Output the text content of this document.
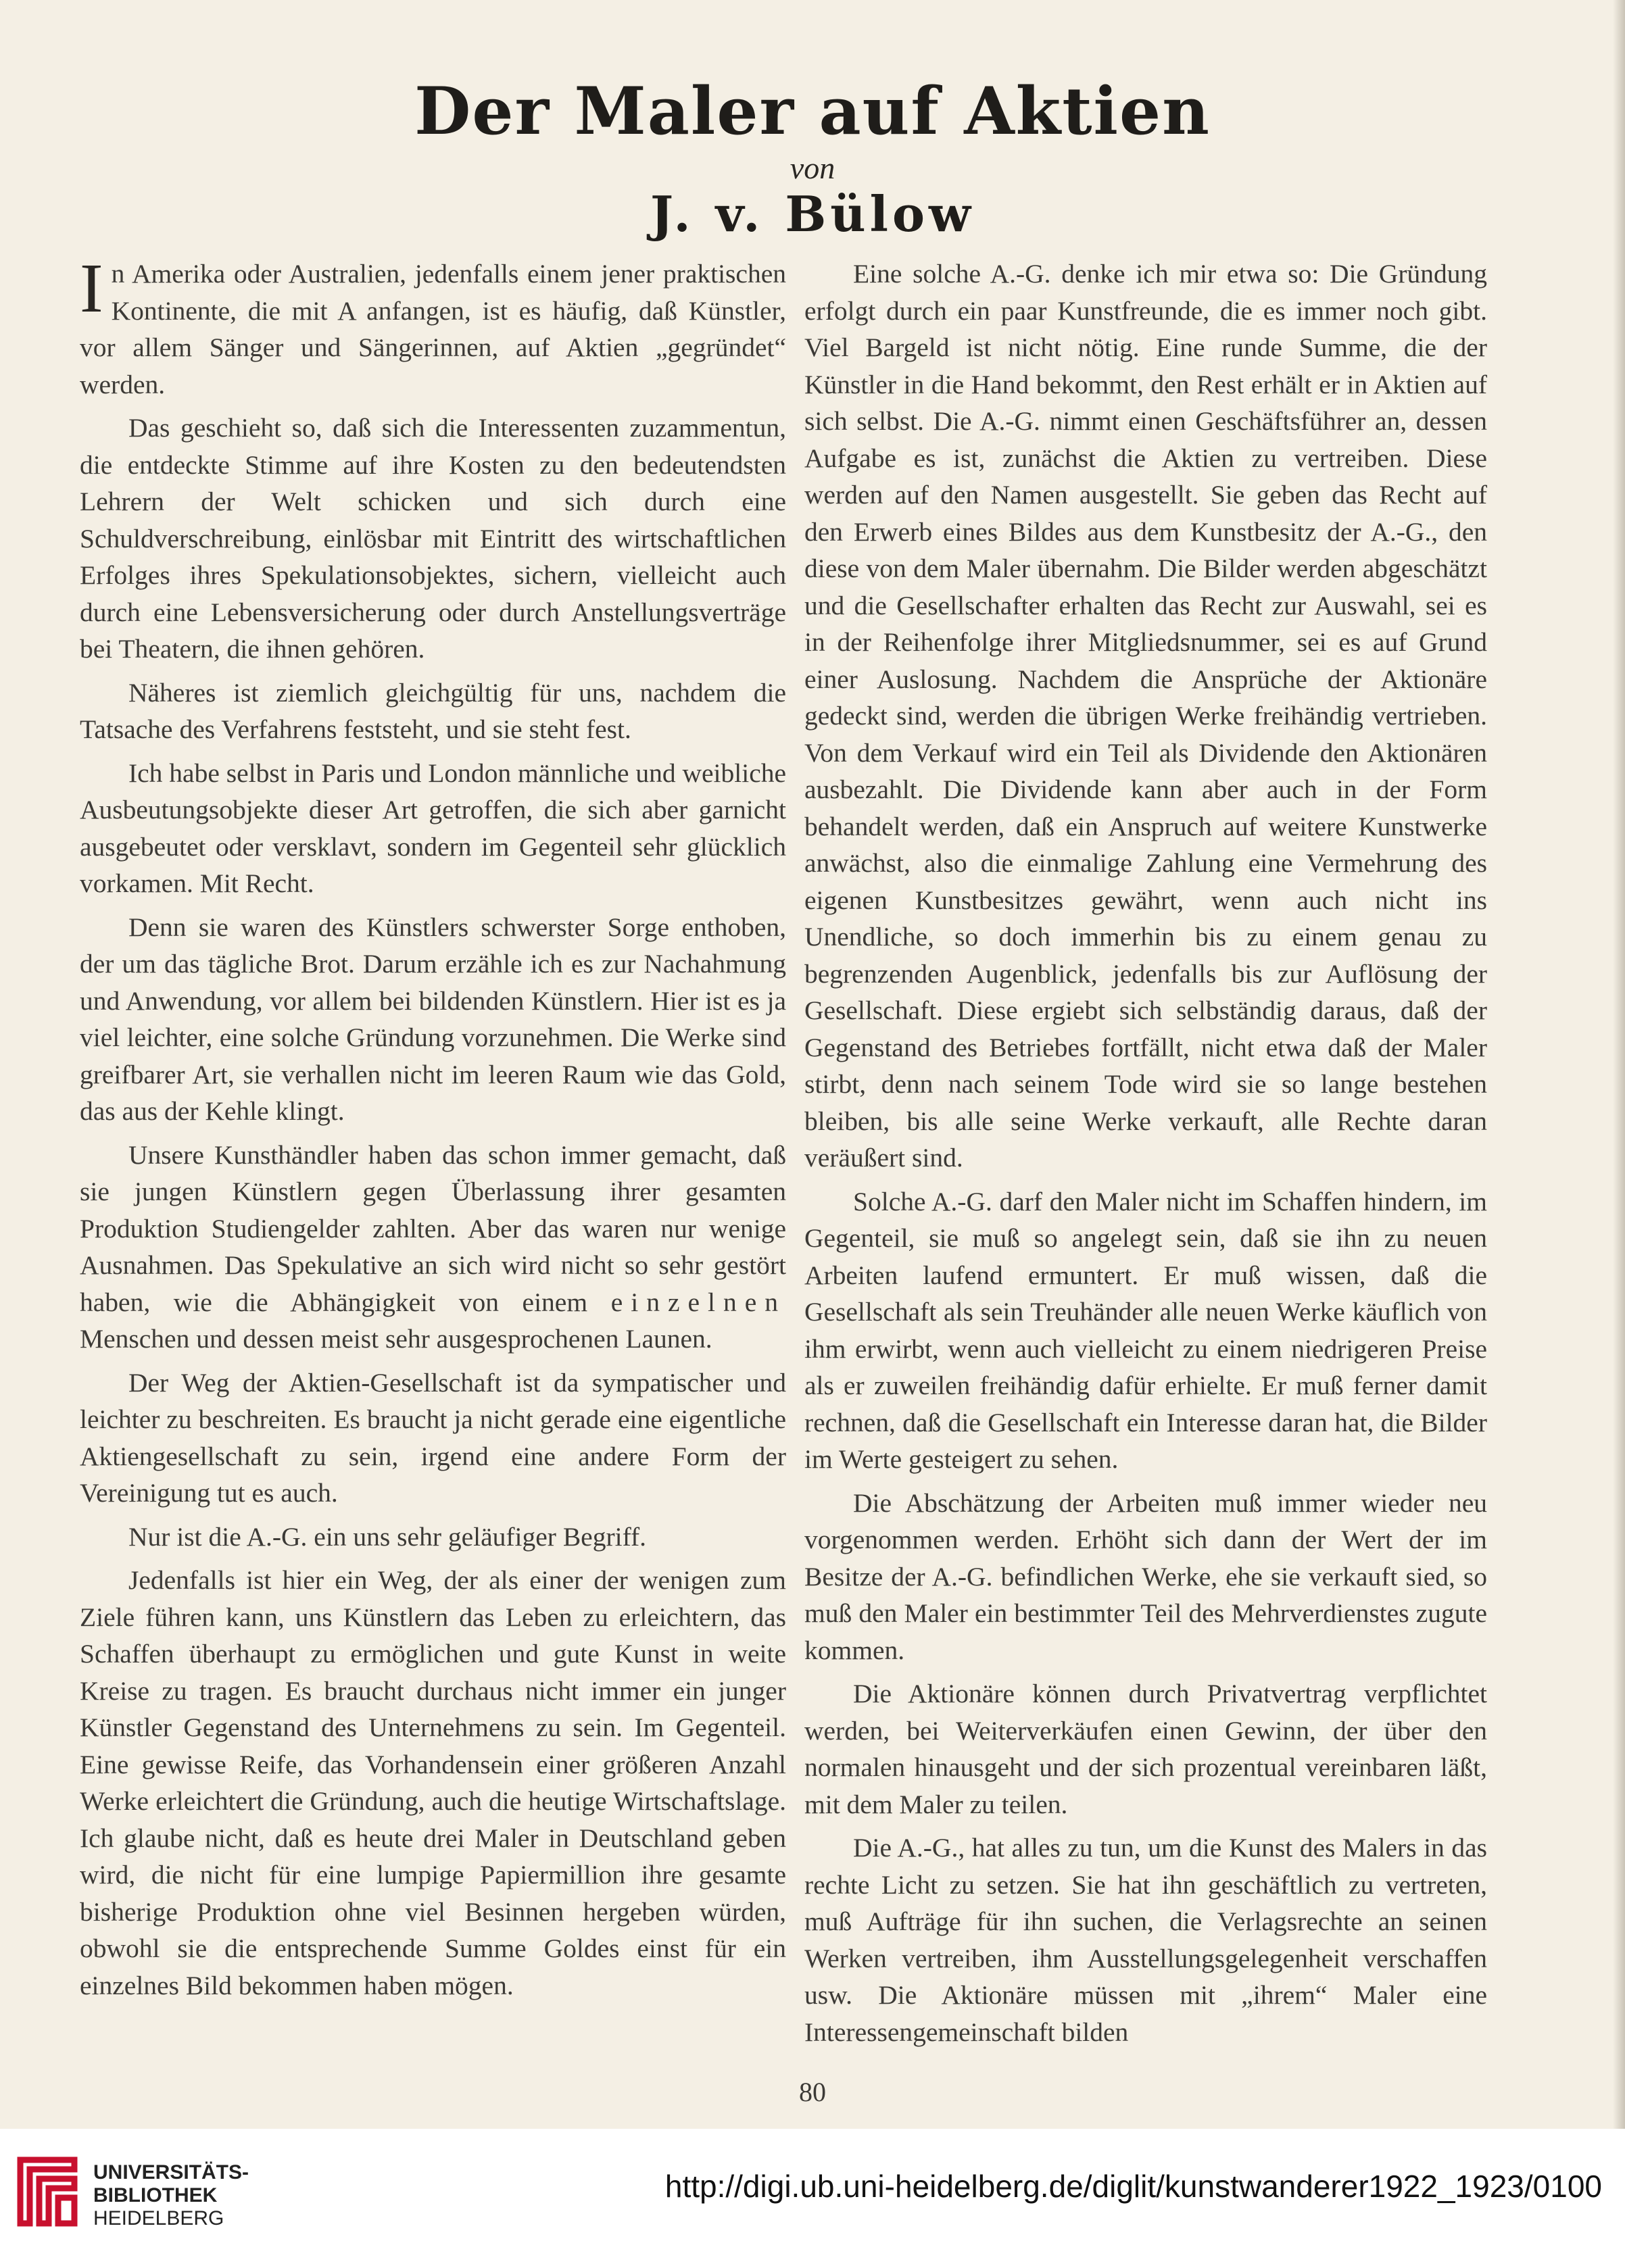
Der Maler auf Aktien
von
J. v. Bülow

In Amerika oder Australien, jedenfalls einem jener praktischen Kontinente, die mit A anfangen, ist es häufig, daß Künstler, vor allem Sänger und Sängerinnen, auf Aktien „gegründet“ werden.

Das geschieht so, daß sich die Interessenten zuzammentun, die entdeckte Stimme auf ihre Kosten zu den bedeutendsten Lehrern der Welt schicken und sich durch eine Schuldverschreibung, einlösbar mit Eintritt des wirtschaftlichen Erfolges ihres Spekulationsobjektes, sichern, vielleicht auch durch eine Lebensversicherung oder durch Anstellungsverträge bei Theatern, die ihnen gehören.

Näheres ist ziemlich gleichgültig für uns, nachdem die Tatsache des Verfahrens feststeht, und sie steht fest.

Ich habe selbst in Paris und London männliche und weibliche Ausbeutungsobjekte dieser Art getroffen, die sich aber garnicht ausgebeutet oder versklavt, sondern im Gegenteil sehr glücklich vorkamen. Mit Recht.

Denn sie waren des Künstlers schwerster Sorge enthoben, der um das tägliche Brot. Darum erzähle ich es zur Nachahmung und Anwendung, vor allem bei bildenden Künstlern. Hier ist es ja viel leichter, eine solche Gründung vorzunehmen. Die Werke sind greifbarer Art, sie verhallen nicht im leeren Raum wie das Gold, das aus der Kehle klingt.

Unsere Kunsthändler haben das schon immer gemacht, daß sie jungen Künstlern gegen Überlassung ihrer gesamten Produktion Studiengelder zahlten. Aber das waren nur wenige Ausnahmen. Das Spekulative an sich wird nicht so sehr gestört haben, wie die Abhängigkeit von einem einzelnen Menschen und dessen meist sehr ausgesprochenen Launen.

Der Weg der Aktien-Gesellschaft ist da sympatischer und leichter zu beschreiten. Es braucht ja nicht gerade eine eigentliche Aktiengesellschaft zu sein, irgend eine andere Form der Vereinigung tut es auch.

Nur ist die A.-G. ein uns sehr geläufiger Begriff.

Jedenfalls ist hier ein Weg, der als einer der wenigen zum Ziele führen kann, uns Künstlern das Leben zu erleichtern, das Schaffen überhaupt zu ermöglichen und gute Kunst in weite Kreise zu tragen. Es braucht durchaus nicht immer ein junger Künstler Gegenstand des Unternehmens zu sein. Im Gegenteil. Eine gewisse Reife, das Vorhandensein einer größeren Anzahl Werke erleichtert die Gründung, auch die heutige Wirtschaftslage. Ich glaube nicht, daß es heute drei Maler in Deutschland geben wird, die nicht für eine lumpige Papiermillion ihre gesamte bisherige Produktion ohne viel Besinnen hergeben würden, obwohl sie die entsprechende Summe Goldes einst für ein einzelnes Bild bekommen haben mögen.

Eine solche A.-G. denke ich mir etwa so: Die Gründung erfolgt durch ein paar Kunstfreunde, die es immer noch gibt. Viel Bargeld ist nicht nötig. Eine runde Summe, die der Künstler in die Hand bekommt, den Rest erhält er in Aktien auf sich selbst. Die A.-G. nimmt einen Geschäftsführer an, dessen Aufgabe es ist, zunächst die Aktien zu vertreiben. Diese werden auf den Namen ausgestellt. Sie geben das Recht auf den Erwerb eines Bildes aus dem Kunstbesitz der A.-G., den diese von dem Maler übernahm. Die Bilder werden abgeschätzt und die Gesellschafter erhalten das Recht zur Auswahl, sei es in der Reihenfolge ihrer Mitgliedsnummer, sei es auf Grund einer Auslosung. Nachdem die Ansprüche der Aktionäre gedeckt sind, werden die übrigen Werke freihändig vertrieben. Von dem Verkauf wird ein Teil als Dividende den Aktionären ausbezahlt. Die Dividende kann aber auch in der Form behandelt werden, daß ein Anspruch auf weitere Kunstwerke anwächst, also die einmalige Zahlung eine Vermehrung des eigenen Kunstbesitzes gewährt, wenn auch nicht ins Unendliche, so doch immerhin bis zu einem genau zu begrenzenden Augenblick, jedenfalls bis zur Auflösung der Gesellschaft. Diese ergiebt sich selbständig daraus, daß der Gegenstand des Betriebes fortfällt, nicht etwa daß der Maler stirbt, denn nach seinem Tode wird sie so lange bestehen bleiben, bis alle seine Werke verkauft, alle Rechte daran veräußert sind.

Solche A.-G. darf den Maler nicht im Schaffen hindern, im Gegenteil, sie muß so angelegt sein, daß sie ihn zu neuen Arbeiten laufend ermuntert. Er muß wissen, daß die Gesellschaft als sein Treuhänder alle neuen Werke käuflich von ihm erwirbt, wenn auch vielleicht zu einem niedrigeren Preise als er zuweilen freihändig dafür erhielte. Er muß ferner damit rechnen, daß die Gesellschaft ein Interesse daran hat, die Bilder im Werte gesteigert zu sehen.

Die Abschätzung der Arbeiten muß immer wieder neu vorgenommen werden. Erhöht sich dann der Wert der im Besitze der A.-G. befindlichen Werke, ehe sie verkauft sied, so muß den Maler ein bestimmter Teil des Mehrverdienstes zugute kommen.

Die Aktionäre können durch Privatvertrag verpflichtet werden, bei Weiterverkäufen einen Gewinn, der über den normalen hinausgeht und der sich prozentual vereinbaren läßt, mit dem Maler zu teilen.

Die A.-G., hat alles zu tun, um die Kunst des Malers in das rechte Licht zu setzen. Sie hat ihn geschäftlich zu vertreten, muß Aufträge für ihn suchen, die Verlagsrechte an seinen Werken vertreiben, ihm Ausstellungsgelegenheit verschaffen usw. Die Aktionäre müssen mit „ihrem“ Maler eine Interessengemeinschaft bilden

80
UNIVERSITÄTS-
BIBLIOTHEK
HEIDELBERG
http://digi.ub.uni-heidelberg.de/diglit/kunstwanderer1922_1923/0100
